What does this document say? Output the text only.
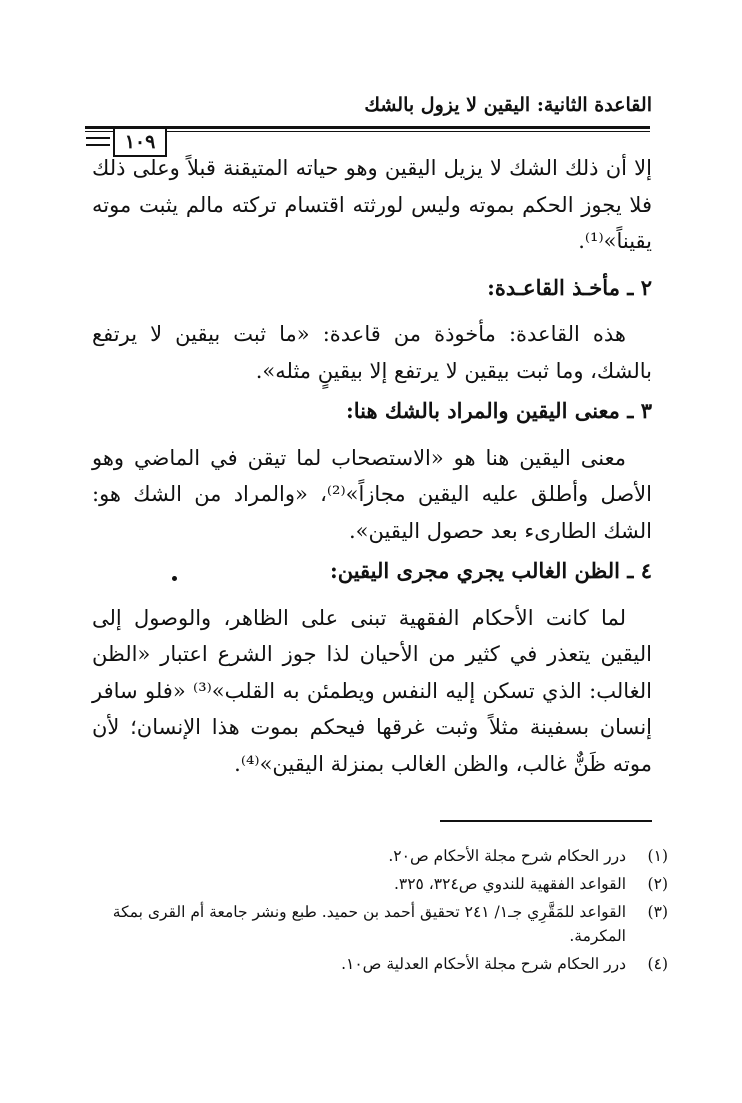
القاعدة الثانية: اليقين لا يزول بالشك
١٠٩

إلا أن ذلك الشك لا يزيل اليقين وهو حياته المتيقنة قبلاً وعلى ذلك فلا يجوز الحكم بموته وليس لورثته اقتسام تركته مالم يثبت موته يقيناً»⁽¹⁾.

٢ ـ مأخـذ القاعـدة:

هذه القاعدة: مأخوذة من قاعدة: «ما ثبت بيقين لا يرتفع بالشك، وما ثبت بيقين لا يرتفع إلا بيقينٍ مثله».

٣ ـ معنى اليقين والمراد بالشك هنا:

معنى اليقين هنا هو «الاستصحاب لما تيقن في الماضي وهو الأصل وأطلق عليه اليقين مجازاً»⁽²⁾، «والمراد من الشك هو: الشك الطارىء بعد حصول اليقين».

٤ ـ الظن الغالب يجري مجرى اليقين:

لما كانت الأحكام الفقهية تبنى على الظاهر، والوصول إلى اليقين يتعذر في كثير من الأحيان لذا جوز الشرع اعتبار «الظن الغالب: الذي تسكن إليه النفس ويطمئن به القلب»⁽³⁾ «فلو سافر إنسان بسفينة مثلاً وثبت غرقها فيحكم بموت هذا الإنسان؛ لأن موته ظَنٌّ غالب، والظن الغالب بمنزلة اليقين»⁽⁴⁾.

(١)
درر الحكام شرح مجلة الأحكام ص٢٠.
(٢)
القواعد الفقهية للندوي ص٣٢٤، ٣٢٥.
(٣)
القواعد للمَقَّرِي جـ١/ ٢٤١ تحقيق أحمد بن حميد. طبع ونشر جامعة أم القرى بمكة المكرمة.
(٤)
درر الحكام شرح مجلة الأحكام العدلية ص١٠.
